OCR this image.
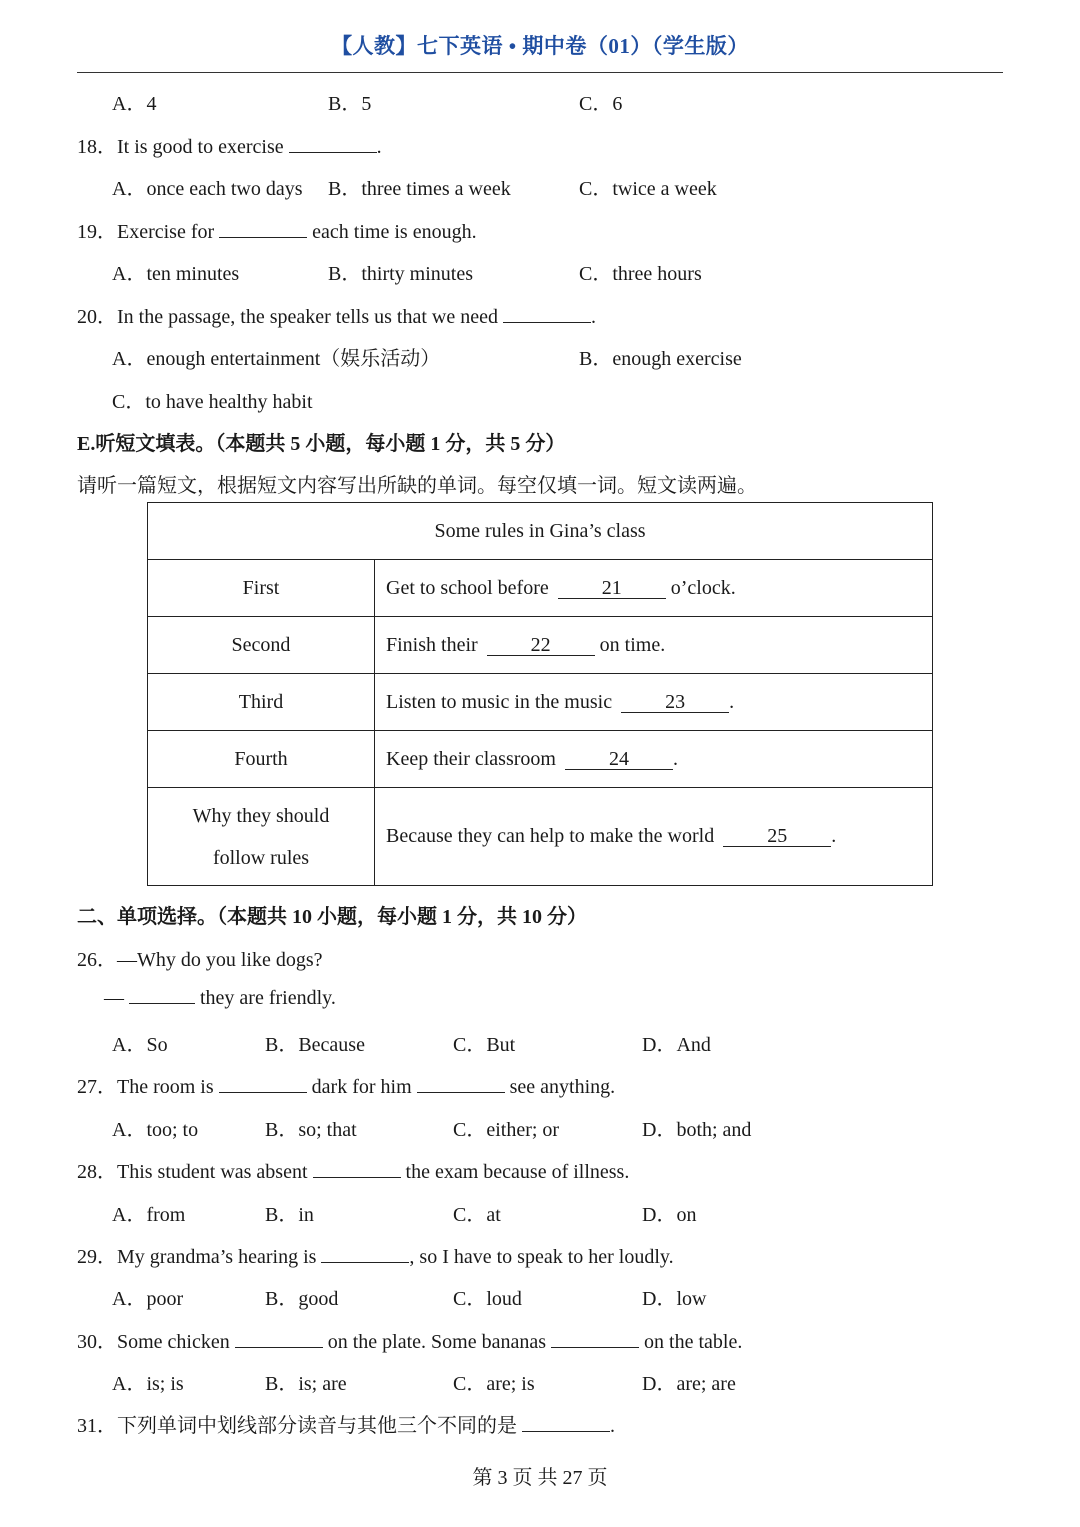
【人教】七下英语 • 期中卷（01）（学生版）
A．4	B．5	C．6
18．It is good to exercise	.
A．once each two days B．three times a week	C．twice a week
19．Exercise for	each time is enough.
A．ten minutes	B．thirty minutes	C．three hours
20．In the passage, the speaker tells us that we need	.
A．enough entertainment（娱乐活动）	B．enough exercise
C．to have healthy habit
E.听短文填表。（本题共 5 小题，每小题 1 分，共 5 分）
请听一篇短文，根据短文内容写出所缺的单词。每空仅填一词。短文读两遍。
Some rules in Gina’s class	
First	Get to school before 21 o’clock.
Second	Finish their 22 on time.
Third	Listen to music in the music 23 .
Fourth	Keep their classroom 24 .
Why they should
follow rules	Because they can help to make the world 25 .
二、单项选择。（本题共 10 小题，每小题 1 分，共 10 分）
26．—Why do you like dogs?
—	they are friendly.
A．So	B．Because	C．But	D．And
27．The room is	dark for him	see anything.
A．too; to	B．so; that	C．either; or	D．both; and
28．This student was absent	the exam because of illness.
A．from	B．in	C．at	D．on
29．My grandma’s hearing is	, so I have to speak to her loudly.
A．poor	B．good	C．loud	D．low
30．Some chicken	on the plate. Some bananas	on the table.
A．is; is	B．is; are	C．are; is	D．are; are
31．下列单词中划线部分读音与其他三个不同的是	.
第 3 页 共 27 页
